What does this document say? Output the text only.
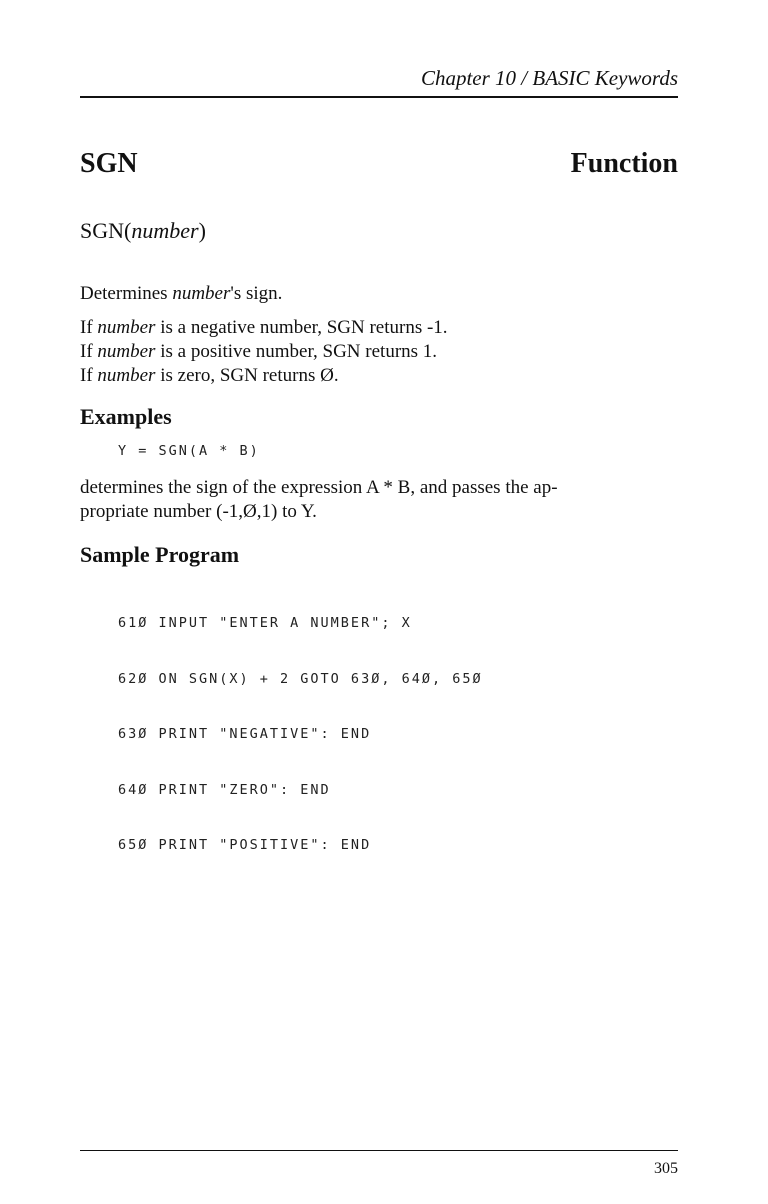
Chapter 10 / BASIC Keywords
SGN	Function
SGN(number)
Determines number's sign.
If number is a negative number, SGN returns -1.
If number is a positive number, SGN returns 1.
If number is zero, SGN returns Ø.
Examples
Y = SGN(A * B)
determines the sign of the expression A * B, and passes the ap-
propriate number (-1,Ø,1) to Y.
Sample Program

61Ø INPUT "ENTER A NUMBER"; X

62Ø ON SGN(X) + 2 GOTO 63Ø, 64Ø, 65Ø

63Ø PRINT "NEGATIVE": END

64Ø PRINT "ZERO": END

65Ø PRINT "POSITIVE": END

305
